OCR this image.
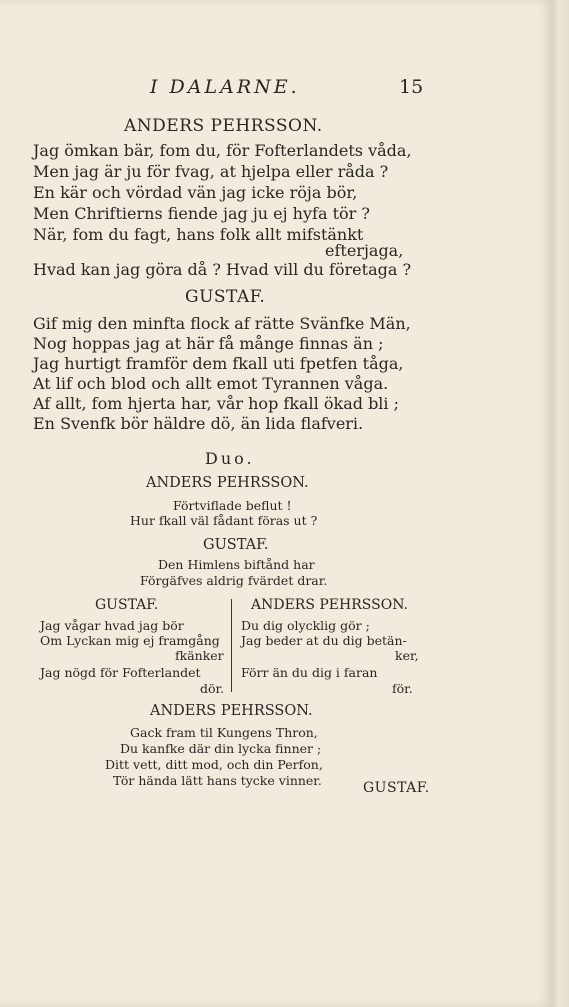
I DALARNE.	15
ANDERS PEHRSSON.
Jag ömkan bär, fom du, för Fofterlandets våda,
Men jag är ju för fvag, at hjelpa eller råda ?
En kär och vördad vän jag icke röja bör,
Men Chriftierns fiende jag ju ej hyfa tör ?
När, fom du fagt, hans folk allt mifstänkt
efterjaga,
Hvad kan jag göra då ? Hvad vill du företaga ?
GUSTAF.
Gif mig den minfta flock af rätte Svänfke Män,
Nog hoppas jag at här få månge finnas än ;
Jag hurtigt framför dem fkall uti fpetfen tåga,
At lif och blod och allt emot Tyrannen våga.
Af allt, fom hjerta har, vår hop fkall ökad bli ;
En Svenfk bör häldre dö, än lida flafveri.
Duo.
ANDERS PEHRSSON.
Förtviflade beflut !
Hur fkall väl fådant föras ut ?
GUSTAF.
Den Himlens biftånd har
Förgäfves aldrig fvärdet drar.
GUSTAF.
Jag vågar hvad jag bör
Om Lyckan mig ej framgång
fkänker
Jag nögd för Fofterlandet
dör.
ANDERS PEHRSSON.
Du dig olycklig gör ;
Jag beder at du dig betän-
ker,
Förr än du dig i faran
för.
ANDERS PEHRSSON.
Gack fram til Kungens Thron,
Du kanfke där din lycka finner ;
Ditt vett, ditt mod, och din Perfon,
Tör hända lätt hans tycke vinner.	GUSTAF.
